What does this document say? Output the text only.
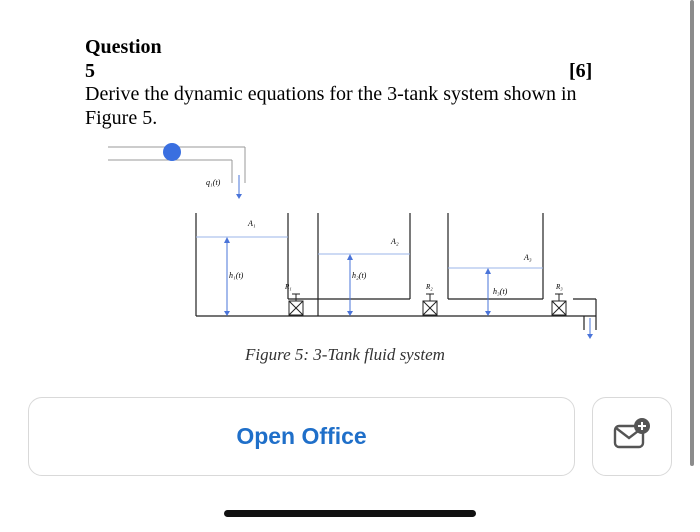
Question
5	[6]
Derive the dynamic equations for the 3-tank system shown in Figure 5.
q₁(t)
A₁
h₁(t)
R₁
A₂
h₂(t)
R₂
A₃
h₃(t)	R₃
Figure 5: 3-Tank fluid system
Open Office
